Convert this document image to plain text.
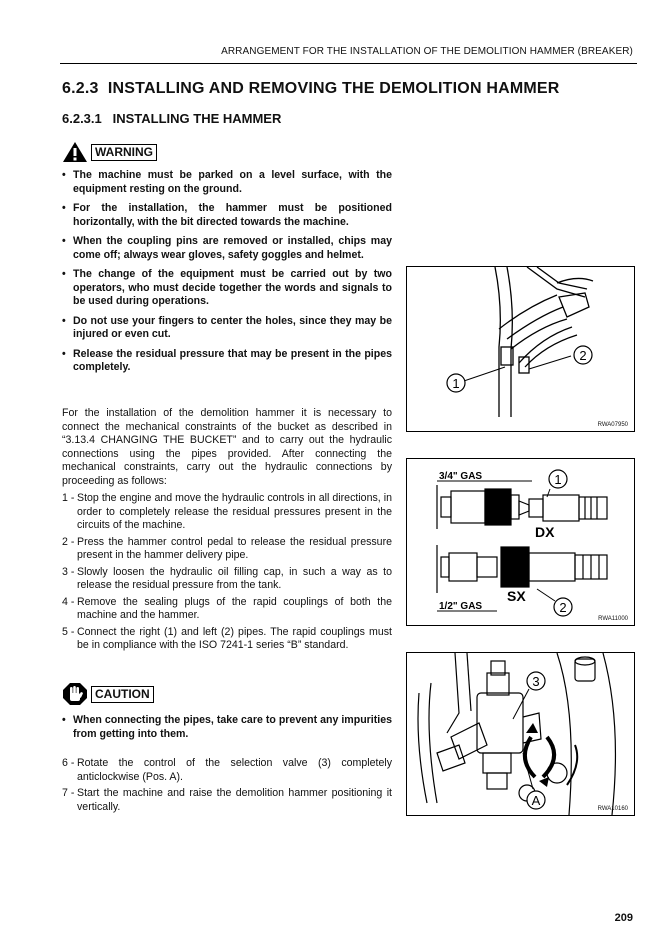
ARRANGEMENT FOR THE INSTALLATION OF THE DEMOLITION HAMMER (BREAKER)
6.2.3 INSTALLING AND REMOVING THE DEMOLITION HAMMER
6.2.3.1 INSTALLING THE HAMMER
WARNING
• The machine must be parked on a level surface, with the equipment resting on the ground.
• For the installation, the hammer must be positioned horizontally, with the bit directed towards the machine.
• When the coupling pins are removed or installed, chips may come off; always wear gloves, safety goggles and helmet.
• The change of the equipment must be carried out by two operators, who must decide together the words and signals to be used during operations.
• Do not use your fingers to center the holes, since they may be injured or even cut.
• Release the residual pressure that may be present in the pipes completely.

For the installation of the demolition hammer it is necessary to connect the mechanical constraints of the bucket as described in “3.13.4 CHANGING THE BUCKET” and to carry out the hydraulic connections using the pipes provided. After connecting the mechanical constraints, carry out the hydraulic connections by proceeding as follows:

1 - Stop the engine and move the hydraulic controls in all directions, in order to completely release the residual pressures present in the circuits of the machine.
2 - Press the hammer control pedal to release the residual pressure present in the hammer delivery pipe.
3 - Slowly loosen the hydraulic oil filling cap, in such a way as to release the residual pressure from the tank.
4 - Remove the sealing plugs of the rapid couplings of both the machine and the hammer.
5 - Connect the right (1) and left (2) pipes. The rapid couplings must be in compliance with the ISO 7241-1 series “B” standard.
CAUTION
• When connecting the pipes, take care to prevent any impurities from getting into them.
6 - Rotate the control of the selection valve (3) completely anticlockwise (Pos. A).
7 - Start the machine and raise the demolition hammer positioning it vertically.
1
2
RWA07950
3/4" GAS
DX
1
SX
1/2" GAS	2
RWA11000
3
A
RWA10160
209
